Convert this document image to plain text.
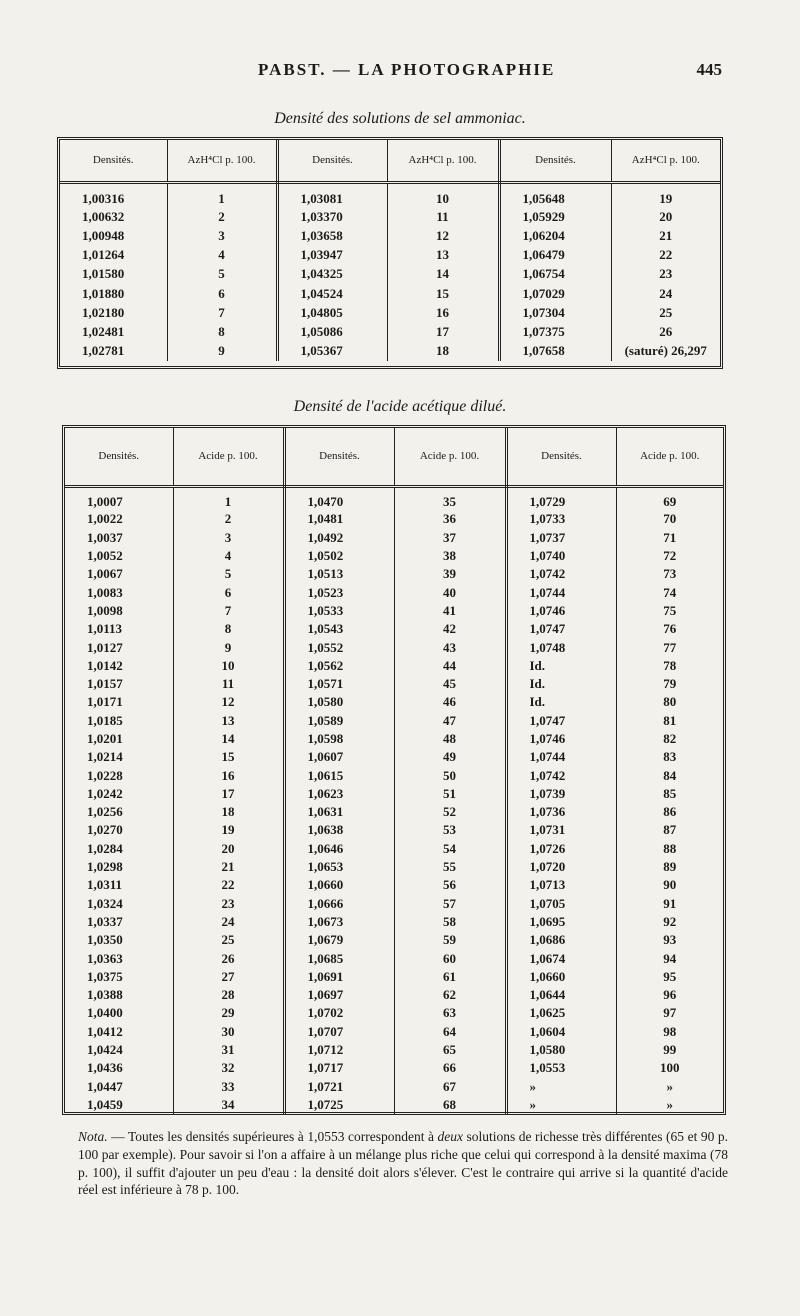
PABST. — LA PHOTOGRAPHIE	445
Densité des solutions de sel ammoniac.
Densités.	AzH⁴Cl p. 100.	Densités.	AzH⁴Cl p. 100.	Densités.	AzH⁴Cl p. 100.
1,00316	1	1,03081	10	1,05648	19
1,00632	2	1,03370	11	1,05929	20
1,00948	3	1,03658	12	1,06204	21
1,01264	4	1,03947	13	1,06479	22
1,01580	5	1,04325	14	1,06754	23
1,01880	6	1,04524	15	1,07029	24
1,02180	7	1,04805	16	1,07304	25
1,02481	8	1,05086	17	1,07375	26
1,02781	9	1,05367	18	1,07658	(saturé) 26,297

Densité de l'acide acétique dilué.
Densités.	Acide p. 100.	Densités.	Acide p. 100.	Densités.	Acide p. 100.
1,0007	1	1,0470	35	1,0729	69
1,0022	2	1,0481	36	1,0733	70
1,0037	3	1,0492	37	1,0737	71
1,0052	4	1,0502	38	1,0740	72
1,0067	5	1,0513	39	1,0742	73
1,0083	6	1,0523	40	1,0744	74
1,0098	7	1,0533	41	1,0746	75
1,0113	8	1,0543	42	1,0747	76
1,0127	9	1,0552	43	1,0748	77
1,0142	10	1,0562	44	Id.	78
1,0157	11	1,0571	45	Id.	79
1,0171	12	1,0580	46	Id.	80
1,0185	13	1,0589	47	1,0747	81
1,0201	14	1,0598	48	1,0746	82
1,0214	15	1,0607	49	1,0744	83
1,0228	16	1,0615	50	1,0742	84
1,0242	17	1,0623	51	1,0739	85
1,0256	18	1,0631	52	1,0736	86
1,0270	19	1,0638	53	1,0731	87
1,0284	20	1,0646	54	1,0726	88
1,0298	21	1,0653	55	1,0720	89
1,0311	22	1,0660	56	1,0713	90
1,0324	23	1,0666	57	1,0705	91
1,0337	24	1,0673	58	1,0695	92
1,0350	25	1,0679	59	1,0686	93
1,0363	26	1,0685	60	1,0674	94
1,0375	27	1,0691	61	1,0660	95
1,0388	28	1,0697	62	1,0644	96
1,0400	29	1,0702	63	1,0625	97
1,0412	30	1,0707	64	1,0604	98
1,0424	31	1,0712	65	1,0580	99
1,0436	32	1,0717	66	1,0553	100
1,0447	33	1,0721	67	»	»
1,0459	34	1,0725	68	»	»

Nota. — Toutes les densités supérieures à 1,0553 correspondent à deux solutions de richesse très différentes (65 et 90 p. 100 par exemple). Pour savoir si l'on a affaire à un mélange plus riche que celui qui correspond à la densité maxima (78 p. 100), il suffit d'ajouter un peu d'eau : la densité doit alors s'élever. C'est le contraire qui arrive si la quantité d'acide réel est inférieure à 78 p. 100.
